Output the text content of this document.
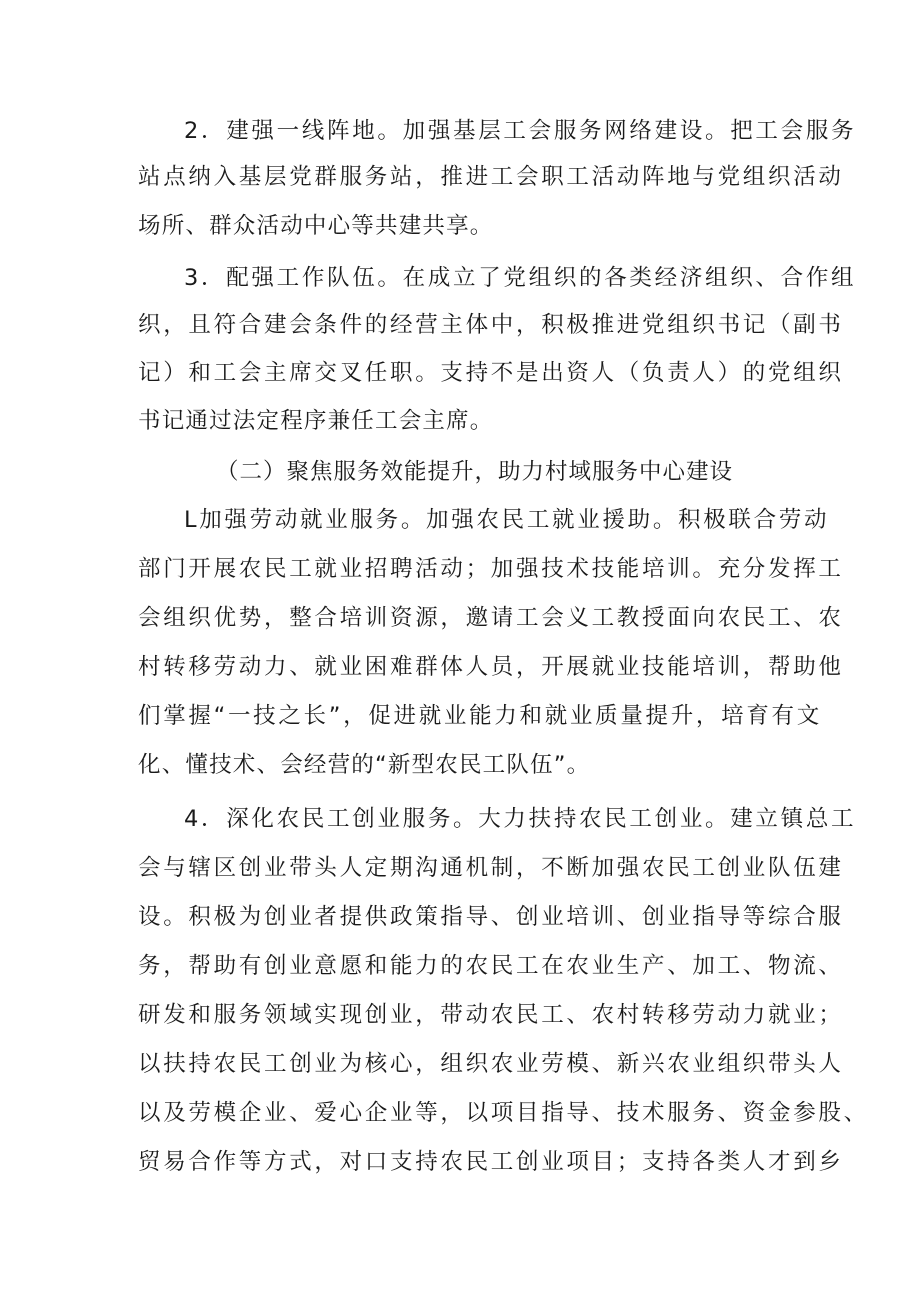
2．建强一线阵地。加强基层工会服务网络建设。把工会服务
站点纳入基层党群服务站，推进工会职工活动阵地与党组织活动
场所、群众活动中心等共建共享。
3．配强工作队伍。在成立了党组织的各类经济组织、合作组
织，且符合建会条件的经营主体中，积极推进党组织书记（副书
记）和工会主席交叉任职。支持不是出资人（负责人）的党组织
书记通过法定程序兼任工会主席。
（二）聚焦服务效能提升，助力村域服务中心建设
L加强劳动就业服务。加强农民工就业援助。积极联合劳动
部门开展农民工就业招聘活动；加强技术技能培训。充分发挥工
会组织优势，整合培训资源，邀请工会义工教授面向农民工、农
村转移劳动力、就业困难群体人员，开展就业技能培训，帮助他
们掌握“一技之长”，促进就业能力和就业质量提升，培育有文
化、懂技术、会经营的“新型农民工队伍”。
4．深化农民工创业服务。大力扶持农民工创业。建立镇总工
会与辖区创业带头人定期沟通机制，不断加强农民工创业队伍建
设。积极为创业者提供政策指导、创业培训、创业指导等综合服
务，帮助有创业意愿和能力的农民工在农业生产、加工、物流、
研发和服务领域实现创业，带动农民工、农村转移劳动力就业；
以扶持农民工创业为核心，组织农业劳模、新兴农业组织带头人
以及劳模企业、爱心企业等，以项目指导、技术服务、资金参股、
贸易合作等方式，对口支持农民工创业项目；支持各类人才到乡
